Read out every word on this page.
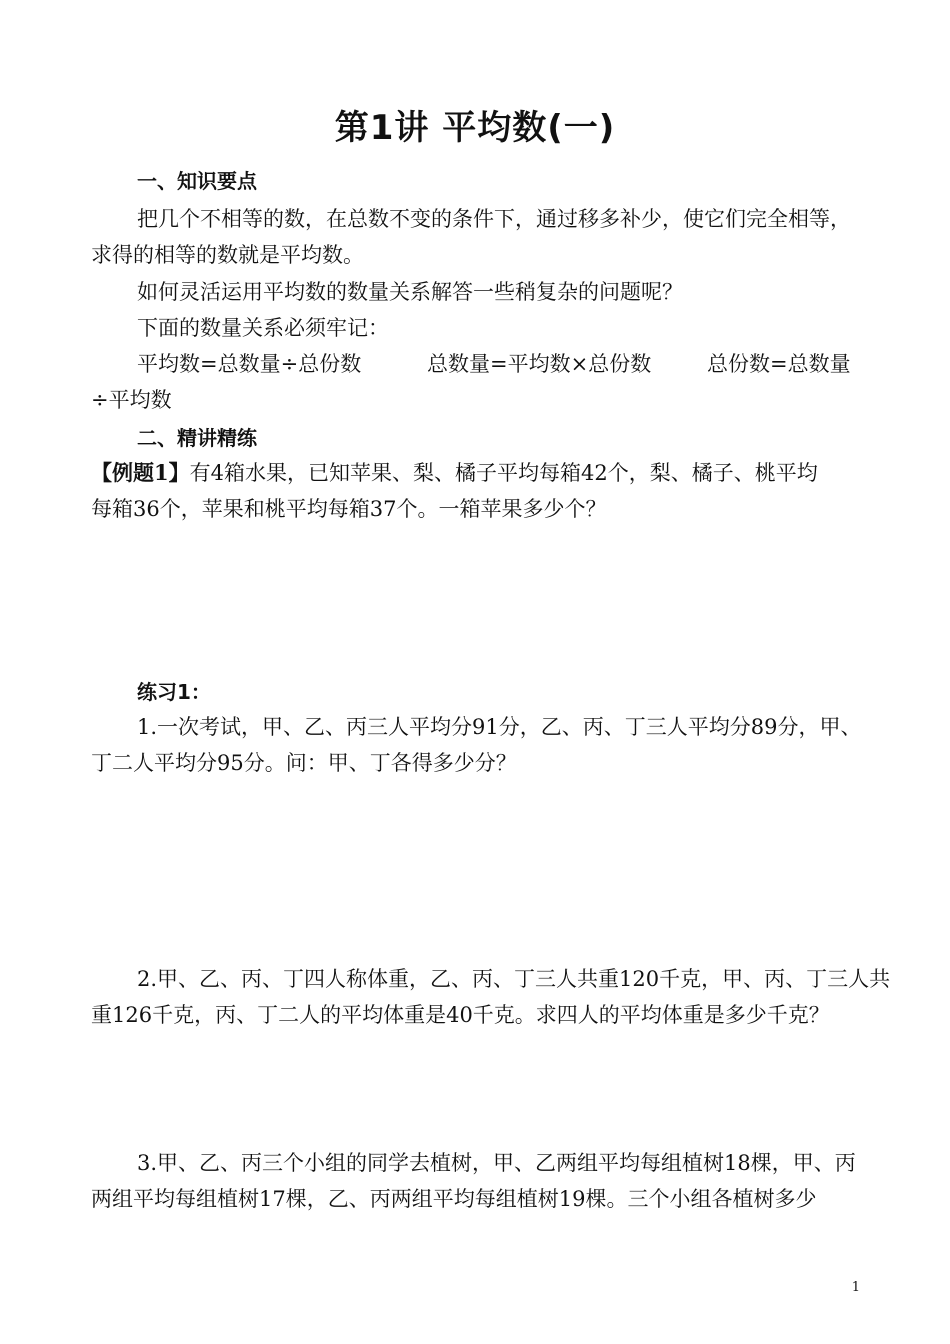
第1讲 平均数(一)
一、知识要点
把几个不相等的数，在总数不变的条件下，通过移多补少，使它们完全相等，
求得的相等的数就是平均数。
如何灵活运用平均数的数量关系解答一些稍复杂的问题呢？
下面的数量关系必须牢记：
平均数=总数量÷总份数	总数量=平均数×总份数	总份数=总数量
÷平均数
二、精讲精练
【例题1】有4箱水果，已知苹果、梨、橘子平均每箱42个，梨、橘子、桃平均
每箱36个，苹果和桃平均每箱37个。一箱苹果多少个？
练习1：
1.一次考试，甲、乙、丙三人平均分91分，乙、丙、丁三人平均分89分，甲、
丁二人平均分95分。问：甲、丁各得多少分？
2.甲、乙、丙、丁四人称体重，乙、丙、丁三人共重120千克，甲、丙、丁三人共
重126千克，丙、丁二人的平均体重是40千克。求四人的平均体重是多少千克？
3.甲、乙、丙三个小组的同学去植树，甲、乙两组平均每组植树18棵，甲、丙
两组平均每组植树17棵，乙、丙两组平均每组植树19棵。三个小组各植树多少
1
